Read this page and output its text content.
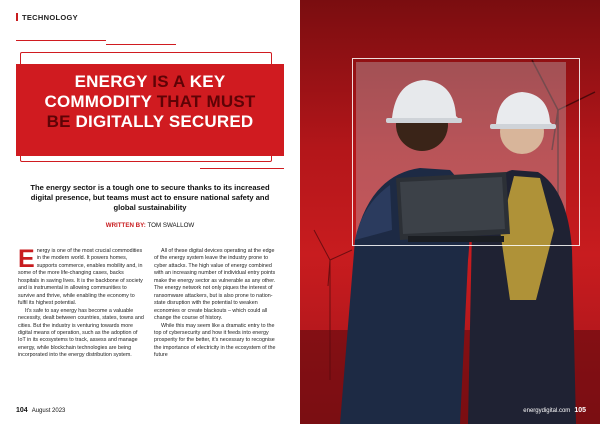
TECHNOLOGY
ENERGY IS A KEY
COMMODITY THAT MUST
BE DIGITALLY SECURED
The energy sector is a tough one to secure thanks to its increased digital presence, but teams must act to ensure national safety and global sustainability
WRITTEN BY: TOM SWALLOW

Energy is one of the most crucial commodities in the modern world. It powers homes, supports commerce, enables mobility and, in some of the more life-changing cases, backs hospitals in saving lives. It is the backbone of society and is instrumental in allowing communities to survive and thrive, while enabling the economy to fulfil its highest potential.

It's safe to say energy has become a valuable necessity, dealt between countries, states, towns and cities. But the industry is venturing towards more digital means of operation, such as the adoption of IoT in its ecosystems to track, assess and manage energy, while blockchain technologies are being incorporated into the energy distribution system.

All of these digital devices operating at the edge of the energy system leave the industry prone to cyber attacks. The high value of energy combined with an increasing number of individual entry points make the energy sector as vulnerable as any other. The energy network not only piques the interest of ransomware attackers, but is also prone to nation-state disruption with the potential to weaken economies or create blackouts – which could all change the course of history.

While this may seem like a dramatic entry to the top of cybersecurity and how it feeds into energy prosperity for the better, it's necessary to recognise the importance of electricity in the ecosystem of the future

104 August 2023	energydigital.com 105
